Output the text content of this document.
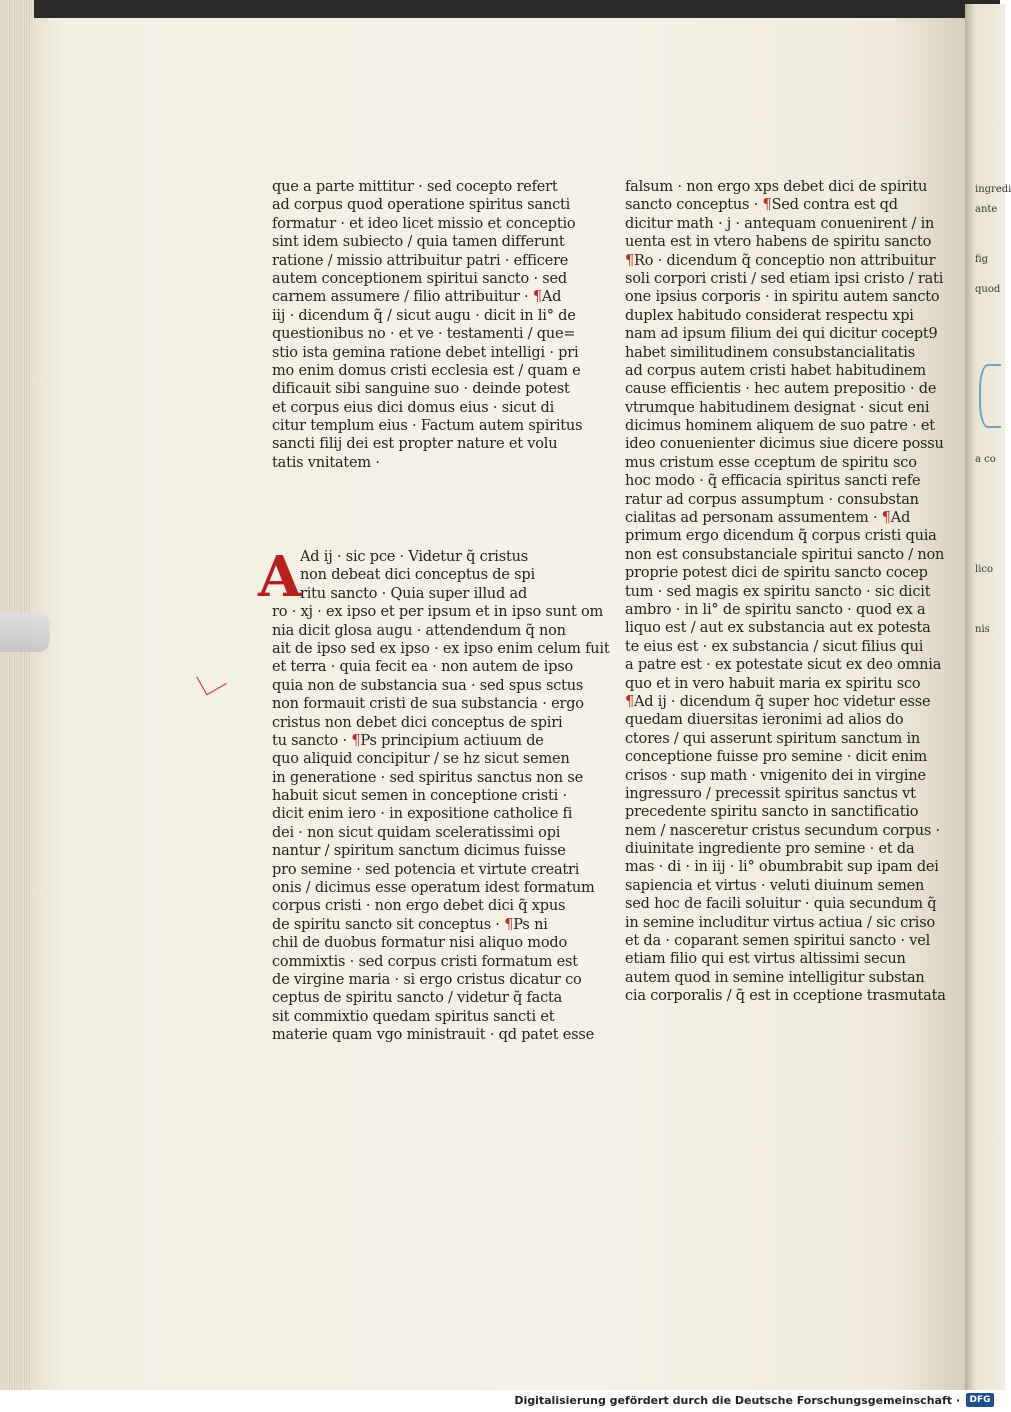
ingredi
ante
fig
quod
a co
lico
nis
que a parte mittitur · sed cocepto refert
ad corpus quod operatione spiritus sancti
formatur · et ideo licet missio et conceptio
sint idem subiecto / quia tamen differunt
ratione / missio attribuitur patri · efficere
autem conceptionem spiritui sancto · sed
carnem assumere / filio attribuitur · ¶Ad
iij · dicendum q̃ / sicut augu · dicit in li° de
questionibus no · et ve · testamenti / que=
stio ista gemina ratione debet intelligi · pri
mo enim domus cristi ecclesia est / quam e
dificauit sibi sanguine suo · deinde potest
et corpus eius dici domus eius · sicut di
citur templum eius · Factum autem spiritus
sancti filij dei est propter nature et volu
tatis vnitatem ·
A
Ad ij · sic pce · Videtur q̃ cristus
non debeat dici conceptus de spi
ritu sancto · Quia super illud ad
ro · xj · ex ipso et per ipsum et in ipso sunt om
nia dicit glosa augu · attendendum q̃ non
ait de ipso sed ex ipso · ex ipso enim celum fuit
et terra · quia fecit ea · non autem de ipso
quia non de substancia sua · sed spus sctus
non formauit cristi de sua substancia · ergo
cristus non debet dici conceptus de spiri
tu sancto · ¶Ps principium actiuum de
quo aliquid concipitur / se hz sicut semen
in generatione · sed spiritus sanctus non se
habuit sicut semen in conceptione cristi ·
dicit enim iero · in expositione catholice fi
dei · non sicut quidam sceleratissimi opi
nantur / spiritum sanctum dicimus fuisse
pro semine · sed potencia et virtute creatri
onis / dicimus esse operatum idest formatum
corpus cristi · non ergo debet dici q̃ xpus
de spiritu sancto sit conceptus · ¶Ps ni
chil de duobus formatur nisi aliquo modo
commixtis · sed corpus cristi formatum est
de virgine maria · si ergo cristus dicatur co
ceptus de spiritu sancto / videtur q̃ facta
sit commixtio quedam spiritus sancti et
materie quam vgo ministrauit · qd patet esse
falsum · non ergo xps debet dici de spiritu
sancto conceptus · ¶Sed contra est qd
dicitur math · j · antequam conuenirent / in
uenta est in vtero habens de spiritu sancto
¶Ro · dicendum q̃ conceptio non attribuitur
soli corpori cristi / sed etiam ipsi cristo / rati
one ipsius corporis · in spiritu autem sancto
duplex habitudo considerat respectu xpi
nam ad ipsum filium dei qui dicitur cocept9
habet similitudinem consubstancialitatis
ad corpus autem cristi habet habitudinem
cause efficientis · hec autem prepositio · de
vtrumque habitudinem designat · sicut eni
dicimus hominem aliquem de suo patre · et
ideo conuenienter dicimus siue dicere possu
mus cristum esse cceptum de spiritu sco
hoc modo · q̃ efficacia spiritus sancti refe
ratur ad corpus assumptum · consubstan
cialitas ad personam assumentem · ¶Ad
primum ergo dicendum q̃ corpus cristi quia
non est consubstanciale spiritui sancto / non
proprie potest dici de spiritu sancto cocep
tum · sed magis ex spiritu sancto · sic dicit
ambro · in li° de spiritu sancto · quod ex a
liquo est / aut ex substancia aut ex potesta
te eius est · ex substancia / sicut filius qui
a patre est · ex potestate sicut ex deo omnia
quo et in vero habuit maria ex spiritu sco
¶Ad ij · dicendum q̃ super hoc videtur esse
quedam diuersitas ieronimi ad alios do
ctores / qui asserunt spiritum sanctum in
conceptione fuisse pro semine · dicit enim
crisos · sup math · vnigenito dei in virgine
ingressuro / precessit spiritus sanctus vt
precedente spiritu sancto in sanctificatio
nem / nasceretur cristus secundum corpus ·
diuinitate ingrediente pro semine · et da
mas · di · in iij · li° obumbrabit sup ipam dei
sapiencia et virtus · veluti diuinum semen
sed hoc de facili soluitur · quia secundum q̃
in semine includitur virtus actiua / sic criso
et da · coparant semen spiritui sancto · vel
etiam filio qui est virtus altissimi secun
autem quod in semine intelligitur substan
cia corporalis / q̃ est in cceptione trasmutata
Digitalisierung gefördert durch die Deutsche Forschungsgemeinschaft ·	DFG
